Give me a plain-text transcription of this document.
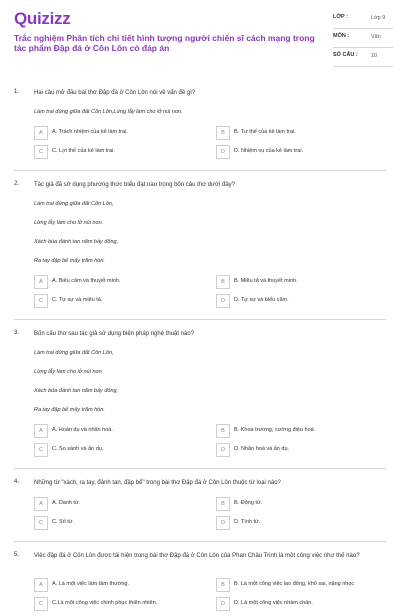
Quizizz
Trắc nghiệm Phân tích chi tiết hình tượng người chiến sĩ cách mạng trong tác phẩm Đập đá ở Côn Lôn có đáp án
LỚP :	Lớp 9
MÔN :	Văn
SỐ CÂU : 10
1. Hai câu mở đầu bài thơ Đập đá ở Côn Lôn nói về vấn đề gì?
Làm trai đứng giữa đất Côn Lôn,Lừng lẫy làm cho lở núi non.
A	A. Trách nhiệm của kẻ làm trai.	B	B. Tư thế của kẻ làm trai.
C	C. Lợi thế của kẻ làm trai.	D	D. Nhiệm vụ của kẻ làm trai.
2. Tác giả đã sử dụng phương thức biểu đạt nào trong bốn câu thơ dưới đây?
Làm trai đứng giữa đất Côn Lôn,
Lừng lẫy làm cho lở núi non.
Xách búa đánh tan năm bảy đống,
Ra tay đập bể mấy trăm hòn.
A	A. Biểu cảm và thuyết minh.	B	B. Miêu tả và thuyết minh.
C	C. Tự sự và miêu tả.	D	D. Tự sự và biểu cảm.
3. Bốn câu thơ sau tác giả sử dụng biện pháp nghệ thuật nào?
Làm trai đứng giữa đất Côn Lôn,
Lừng lẫy làm cho lở núi non.
Xách búa đánh tan năm bảy đống,
Ra tay đập bể mấy trăm hòn.
A	A. Hoán dụ và nhân hoá.	B	B. Khoa trương, cường điệu hoá.
C	C. So sánh và ẩn dụ.	D	D. Nhân hoá và ẩn dụ.
4. Những từ "xách, ra tay, đánh tan, đập bể" trong bài thơ Đập đá ở Côn Lôn thuộc từ loại nào?
A	A. Danh từ.	B	B. Động từ.
C	C. Số từ.	D	D. Tính từ.
5. Việc đập đá ở Côn Lôn được tái hiện trong bài thơ Đập đá ở Côn Lôn của Phan Châu Trinh là một công việc như thế nào?
A	A. Là một việc làm tầm thường.	B	B. Là một công việc lao động, khổ sai, nặng nhọc
C	C.Là một công việc chinh phục thiên nhiên.	D	D. Là một công việc nhàm chán.
